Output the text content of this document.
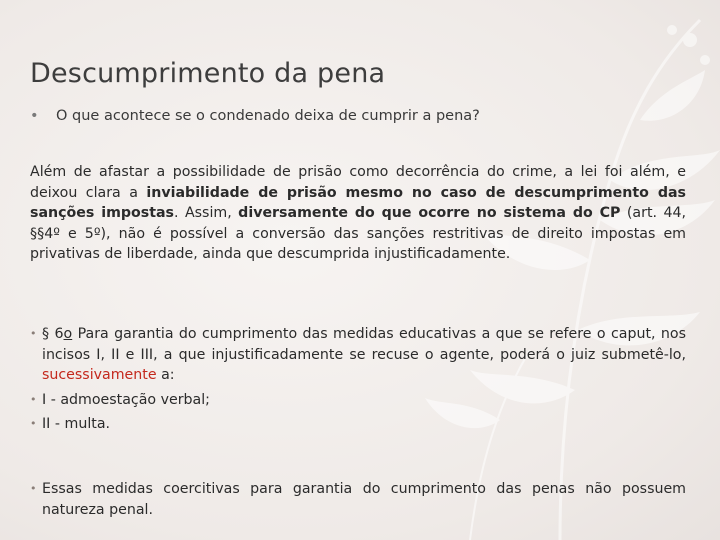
Descumprimento da pena
• O que acontece se o condenado deixa de cumprir a pena?
Além de afastar a possibilidade de prisão como decorrência do crime, a lei foi além, e deixou clara a inviabilidade de prisão mesmo no caso de descumprimento das sanções impostas. Assim, diversamente do que ocorre no sistema do CP (art. 44, §§4º e 5º), não é possível a conversão das sanções restritivas de direito impostas em privativas de liberdade, ainda que descumprida injustificadamente.
• § 6o Para garantia do cumprimento das medidas educativas a que se refere o caput, nos incisos I, II e III, a que injustificadamente se recuse o agente, poderá o juiz submetê-lo, sucessivamente a:
• I - admoestação verbal;
• II - multa.
• Essas medidas coercitivas para garantia do cumprimento das penas não possuem natureza penal.
